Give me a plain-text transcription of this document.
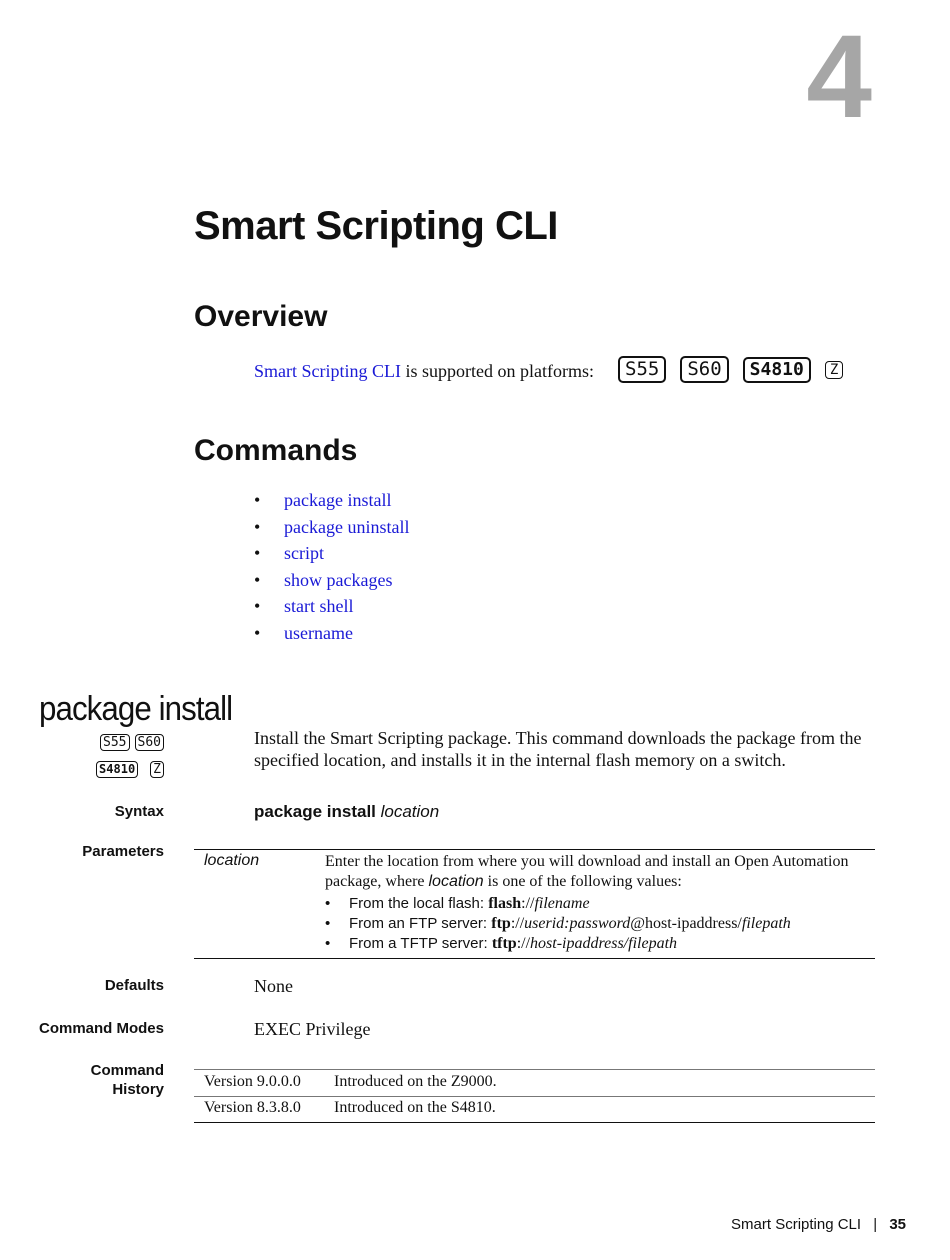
4
Smart Scripting CLI
Overview
Smart Scripting CLI is supported on platforms:	S55	S60	S4810	Z
Commands
• package install
• package uninstall
• script
• show packages
• start shell
• username
package install
S55 S60
S4810 Z
Install the Smart Scripting package. This command downloads the package from the specified location, and installs it in the internal flash memory on a switch.
Syntax	package install location
Parameters
location	Enter the location from where you will download and install an Open Automation package, where location is one of the following values:
• From the local flash: flash://filename
• From an FTP server: ftp://userid:password@host-ipaddress/filepath
• From a TFTP server: tftp://host-ipaddress/filepath
Defaults	None
Command Modes	EXEC Privilege
Command
History	Version 9.0.0.0 Introduced on the Z9000.
Version 8.3.8.0 Introduced on the S4810.
Smart Scripting CLI | 35
